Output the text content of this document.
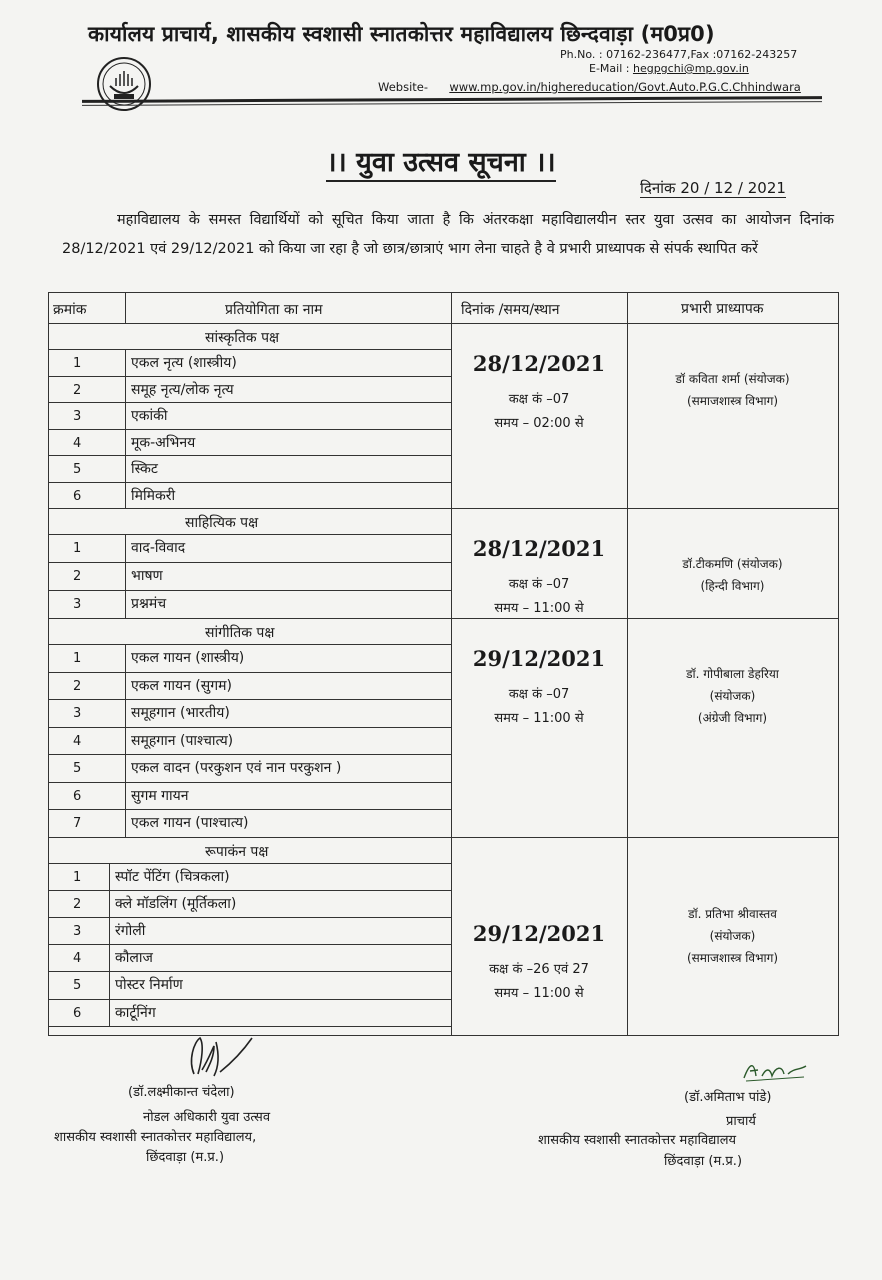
कार्यालय प्राचार्य, शासकीय स्वशासी स्नातकोत्तर महाविद्यालय छिन्दवाड़ा (म0प्र0)
Ph.No. : 07162-236477,Fax :07162-243257
E-Mail : hegpgchi@mp.gov.in
Website- www.mp.gov.in/highereducation/Govt.Auto.P.G.C.Chhindwara
।। युवा उत्सव सूचना ।।
दिनांक 20 / 12 / 2021
महाविद्यालय के समस्त विद्यार्थियों को सूचित किया जाता है कि अंतरकक्षा महाविद्यालयीन स्तर युवा उत्सव का आयोजन दिनांक 28/12/2021 एवं 29/12/2021 को किया जा रहा है जो छात्र/छात्राएं भाग लेना चाहते है वे प्रभारी प्राध्यापक से संपर्क स्थापित करें
क्रमांक	प्रतियोगिता का नाम	दिनांक /समय/स्थान	प्रभारी प्राध्यापक
सांस्कृतिक पक्ष
1	एकल नृत्य (शास्त्रीय)
2	समूह नृत्य/लोक नृत्य
3	एकांकी
4	मूक-अभिनय
5	स्किट
6	मिमिकरी
28/12/2021
कक्ष कं –07
समय – 02:00 से
डॉ कविता शर्मा (संयोजक)
(समाजशास्त्र विभाग)
साहित्यिक पक्ष
1	वाद-विवाद
2	भाषण
3	प्रश्नमंच
28/12/2021
कक्ष कं –07
समय – 11:00 से
डॉ.टीकमणि (संयोजक)
(हिन्दी विभाग)
सांगीतिक पक्ष
1	एकल गायन (शास्त्रीय)
2	एकल गायन (सुगम)
3	समूहगान (भारतीय)
4	समूहगान (पाश्चात्य)
5	एकल वादन (परकुशन एवं नान परकुशन )
6	सुगम गायन
7	एकल गायन (पाश्चात्य)
29/12/2021
कक्ष कं –07
समय – 11:00 से
डॉ. गोपीबाला डेहरिया
(संयोजक)
(अंग्रेजी विभाग)
रूपाकंन पक्ष
1 स्पॉट पेंटिंग (चित्रकला)
2 क्ले मॉडलिंग (मूर्तिकला)
3 रंगोली
4 कौलाज
5 पोस्टर निर्माण
6 कार्टूनिंग
29/12/2021
कक्ष कं –26 एवं 27
समय – 11:00 से
डॉ. प्रतिभा श्रीवास्तव
(संयोजक)
(समाजशास्त्र विभाग)
(डॉ.लक्ष्मीकान्त चंदेला)
नोडल अधिकारी युवा उत्सव
शासकीय स्वशासी स्नातकोत्तर महाविद्यालय,
छिंदवाड़ा (म.प्र.)
(डॉ.अमिताभ पांडे)
प्राचार्य
शासकीय स्वशासी स्नातकोत्तर महाविद्यालय
छिंदवाड़ा (म.प्र.)
